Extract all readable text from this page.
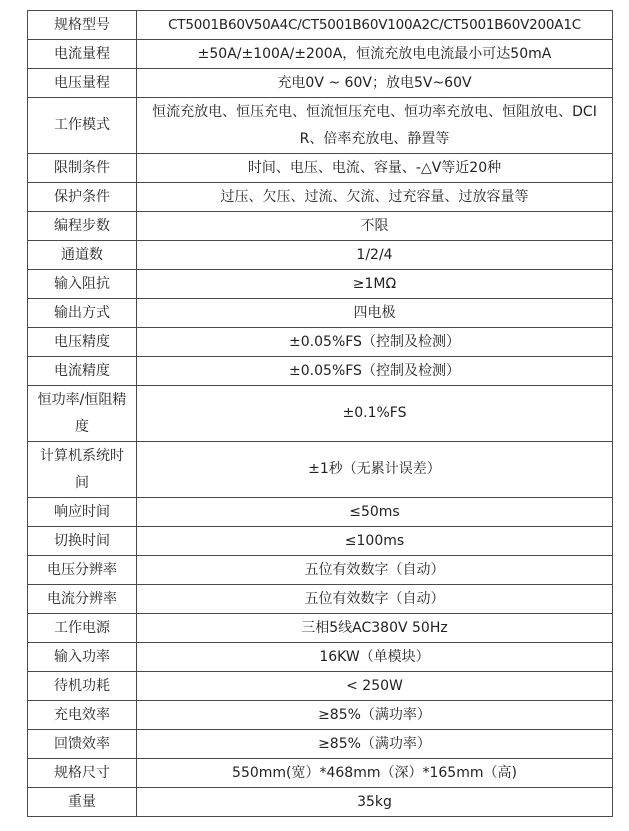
规格型号	CT5001B60V50A4C/CT5001B60V100A2C/CT5001B60V200A1C
电流量程	±50A/±100A/±200A，恒流充放电电流最小可达50mA
电压量程	充电0V ~ 60V；放电5V~60V
工作模式	恒流充放电、恒压充电、恒流恒压充电、恒功率充放电、恒阻放电、DCIR、倍率充放电、静置等
限制条件	时间、电压、电流、容量、-△V等近20种
保护条件	过压、欠压、过流、欠流、过充容量、过放容量等
编程步数	不限
通道数	1/2/4
输入阻抗	≥1MΩ
输出方式	四电极
电压精度	±0.05%FS（控制及检测）
电流精度	±0.05%FS（控制及检测）
恒功率/恒阻精度	±0.1%FS
计算机系统时间	±1秒（无累计误差）
响应时间	≤50ms
切换时间	≤100ms
电压分辨率	五位有效数字（自动）
电流分辨率	五位有效数字（自动）
工作电源	三相5线AC380V 50Hz
输入功率	16KW（单模块）
待机功耗	< 250W
充电效率	≥85%（满功率）
回馈效率	≥85%（满功率）
规格尺寸	550mm(宽）*468mm（深）*165mm（高)
重量	35kg
